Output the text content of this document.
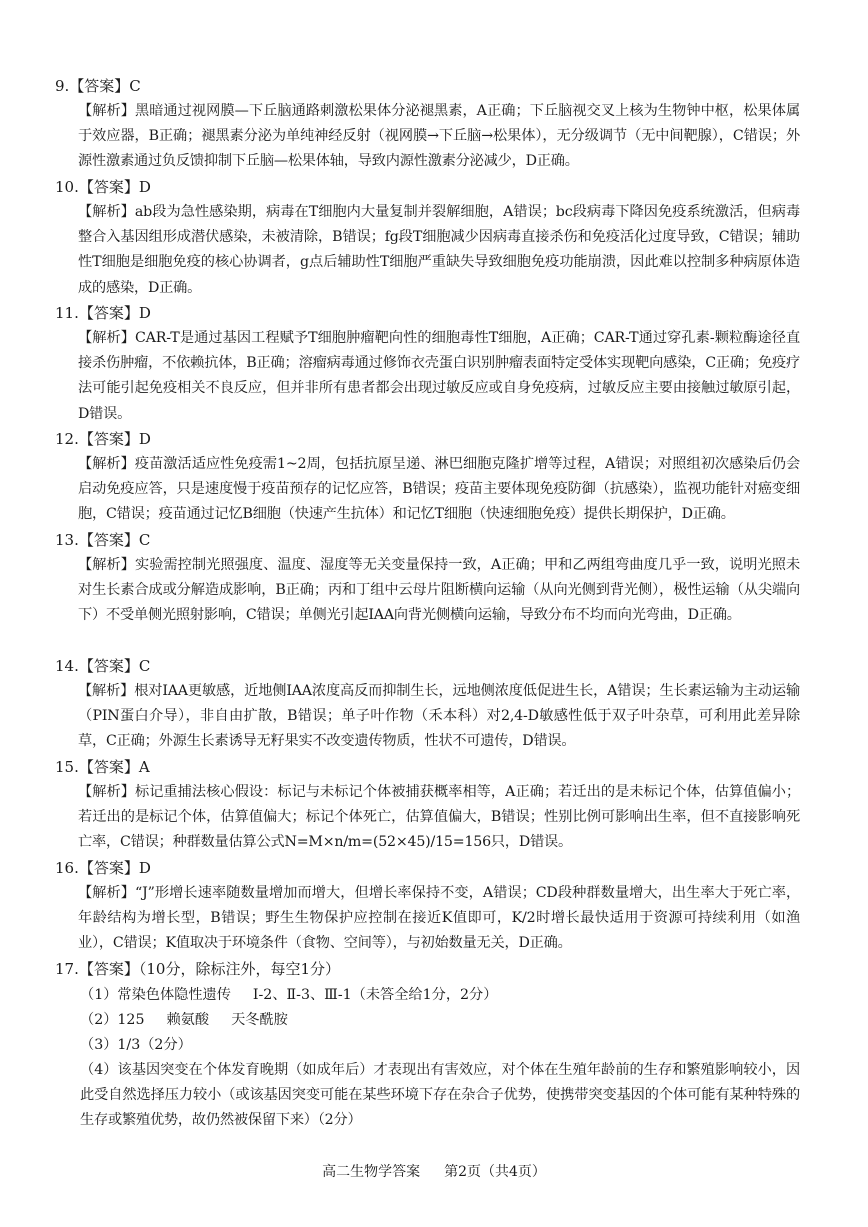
9.【答案】C
【解析】黑暗通过视网膜—下丘脑通路刺激松果体分泌褪黑素，A正确；下丘脑视交叉上核为生物钟中枢，松果体属于效应器，B正确；褪黑素分泌为单纯神经反射（视网膜→下丘脑→松果体），无分级调节（无中间靶腺），C错误；外源性激素通过负反馈抑制下丘脑—松果体轴，导致内源性激素分泌减少，D正确。
10.【答案】D
【解析】ab段为急性感染期，病毒在T细胞内大量复制并裂解细胞，A错误；bc段病毒下降因免疫系统激活，但病毒整合入基因组形成潜伏感染，未被清除，B错误；fg段T细胞减少因病毒直接杀伤和免疫活化过度导致，C错误；辅助性T细胞是细胞免疫的核心协调者，g点后辅助性T细胞严重缺失导致细胞免疫功能崩溃，因此难以控制多种病原体造成的感染，D正确。
11.【答案】D
【解析】CAR-T是通过基因工程赋予T细胞肿瘤靶向性的细胞毒性T细胞，A正确；CAR-T通过穿孔素-颗粒酶途径直接杀伤肿瘤，不依赖抗体，B正确；溶瘤病毒通过修饰衣壳蛋白识别肿瘤表面特定受体实现靶向感染，C正确；免疫疗法可能引起免疫相关不良反应，但并非所有患者都会出现过敏反应或自身免疫病，过敏反应主要由接触过敏原引起，D错误。
12.【答案】D
【解析】疫苗激活适应性免疫需1~2周，包括抗原呈递、淋巴细胞克隆扩增等过程，A错误；对照组初次感染后仍会启动免疫应答，只是速度慢于疫苗预存的记忆应答，B错误；疫苗主要体现免疫防御（抗感染），监视功能针对癌变细胞，C错误；疫苗通过记忆B细胞（快速产生抗体）和记忆T细胞（快速细胞免疫）提供长期保护，D正确。
13.【答案】C
【解析】实验需控制光照强度、温度、湿度等无关变量保持一致，A正确；甲和乙两组弯曲度几乎一致，说明光照未对生长素合成或分解造成影响，B正确；丙和丁组中云母片阻断横向运输（从向光侧到背光侧），极性运输（从尖端向下）不受单侧光照射影响，C错误；单侧光引起IAA向背光侧横向运输，导致分布不均而向光弯曲，D正确。
14.【答案】C
【解析】根对IAA更敏感，近地侧IAA浓度高反而抑制生长，远地侧浓度低促进生长，A错误；生长素运输为主动运输（PIN蛋白介导），非自由扩散，B错误；单子叶作物（禾本科）对2,4-D敏感性低于双子叶杂草，可利用此差异除草，C正确；外源生长素诱导无籽果实不改变遗传物质，性状不可遗传，D错误。
15.【答案】A
【解析】标记重捕法核心假设：标记与未标记个体被捕获概率相等，A正确；若迁出的是未标记个体，估算值偏小；若迁出的是标记个体，估算值偏大；标记个体死亡，估算值偏大，B错误；性别比例可影响出生率，但不直接影响死亡率，C错误；种群数量估算公式N=M×n/m=(52×45)/15=156只，D错误。
16.【答案】D
【解析】“J”形增长速率随数量增加而增大，但增长率保持不变，A错误；CD段种群数量增大，出生率大于死亡率，年龄结构为增长型，B错误；野生生物保护应控制在接近K值即可，K/2时增长最快适用于资源可持续利用（如渔业），C错误；K值取决于环境条件（食物、空间等），与初始数量无关，D正确。
17.【答案】（10分，除标注外，每空1分）
（1）常染色体隐性遗传 Ⅰ-2、Ⅱ-3、Ⅲ-1（未答全给1分，2分）
（2）125 赖氨酸 天冬酰胺
（3）1/3（2分）
（4）该基因突变在个体发育晚期（如成年后）才表现出有害效应，对个体在生殖年龄前的生存和繁殖影响较小，因此受自然选择压力较小（或该基因突变可能在某些环境下存在杂合子优势，使携带突变基因的个体可能有某种特殊的生存或繁殖优势，故仍然被保留下来）（2分）
高二生物学答案 第2页（共4页）
